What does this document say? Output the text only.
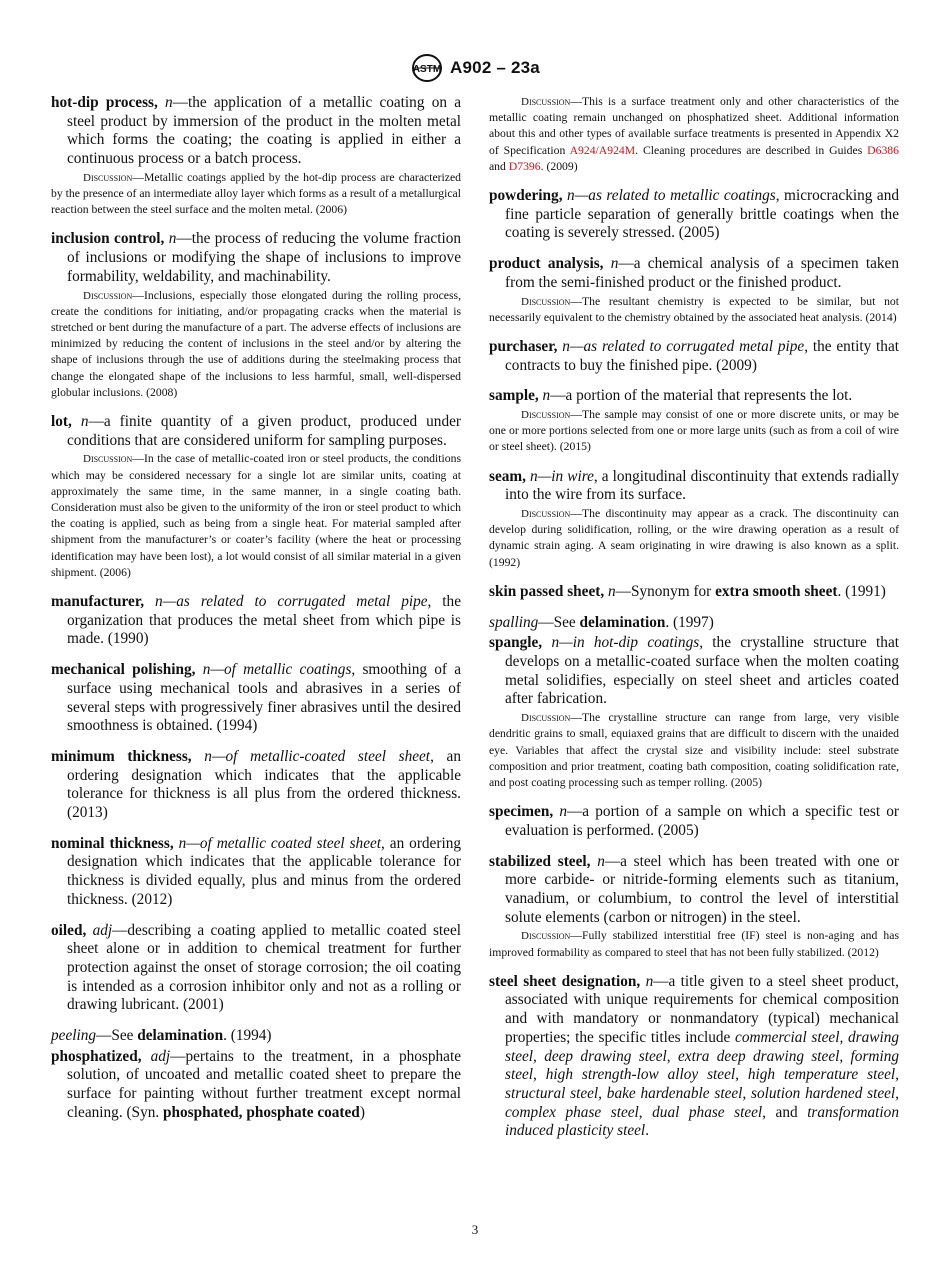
ASTM A902 – 23a

hot-dip process, n—the application of a metallic coating on a steel product by immersion of the product in the molten metal which forms the coating; the coating is applied in either a continuous process or a batch process.

Discussion—Metallic coatings applied by the hot-dip process are characterized by the presence of an intermediate alloy layer which forms as a result of a metallurgical reaction between the steel surface and the molten metal. (2006)

inclusion control, n—the process of reducing the volume fraction of inclusions or modifying the shape of inclusions to improve formability, weldability, and machinability.

Discussion—Inclusions, especially those elongated during the rolling process, create the conditions for initiating, and/or propagating cracks when the material is stretched or bent during the manufacture of a part. The adverse effects of inclusions are minimized by reducing the content of inclusions in the steel and/or by altering the shape of inclusions through the use of additions during the steelmaking process that change the elongated shape of the inclusions to less harmful, small, well-dispersed globular inclusions. (2008)

lot, n—a finite quantity of a given product, produced under conditions that are considered uniform for sampling purposes.

Discussion—In the case of metallic-coated iron or steel products, the conditions which may be considered necessary for a single lot are similar units, coating at approximately the same time, in the same manner, in a single coating bath. Consideration must also be given to the uniformity of the iron or steel product to which the coating is applied, such as being from a single heat. For material sampled after shipment from the manufacturer’s or coater’s facility (where the heat or processing identification may have been lost), a lot would consist of all similar material in a given shipment. (2006)

manufacturer, n—as related to corrugated metal pipe, the organization that produces the metal sheet from which pipe is made. (1990)

mechanical polishing, n—of metallic coatings, smoothing of a surface using mechanical tools and abrasives in a series of several steps with progressively finer abrasives until the desired smoothness is obtained. (1994)

minimum thickness, n—of metallic-coated steel sheet, an ordering designation which indicates that the applicable tolerance for thickness is all plus from the ordered thickness. (2013)

nominal thickness, n—of metallic coated steel sheet, an ordering designation which indicates that the applicable tolerance for thickness is divided equally, plus and minus from the ordered thickness. (2012)

oiled, adj—describing a coating applied to metallic coated steel sheet alone or in addition to chemical treatment for further protection against the onset of storage corrosion; the oil coating is intended as a corrosion inhibitor only and not as a rolling or drawing lubricant. (2001)

peeling—See delamination. (1994)

phosphatized, adj—pertains to the treatment, in a phosphate solution, of uncoated and metallic coated sheet to prepare the surface for painting without further treatment except normal cleaning. (Syn. phosphated, phosphate coated)

Discussion—This is a surface treatment only and other characteristics of the metallic coating remain unchanged on phosphatized sheet. Additional information about this and other types of available surface treatments is presented in Appendix X2 of Specification A924/A924M. Cleaning procedures are described in Guides D6386 and D7396. (2009)

powdering, n—as related to metallic coatings, microcracking and fine particle separation of generally brittle coatings when the coating is severely stressed. (2005)

product analysis, n—a chemical analysis of a specimen taken from the semi-finished product or the finished product.

Discussion—The resultant chemistry is expected to be similar, but not necessarily equivalent to the chemistry obtained by the associated heat analysis. (2014)

purchaser, n—as related to corrugated metal pipe, the entity that contracts to buy the finished pipe. (2009)

sample, n—a portion of the material that represents the lot.

Discussion—The sample may consist of one or more discrete units, or may be one or more portions selected from one or more large units (such as from a coil of wire or steel sheet). (2015)

seam, n—in wire, a longitudinal discontinuity that extends radially into the wire from its surface.

Discussion—The discontinuity may appear as a crack. The discontinuity can develop during solidification, rolling, or the wire drawing operation as a result of dynamic strain aging. A seam originating in wire drawing is also known as a split. (1992)

skin passed sheet, n—Synonym for extra smooth sheet. (1991)

spalling—See delamination. (1997)

spangle, n—in hot-dip coatings, the crystalline structure that develops on a metallic-coated surface when the molten coating metal solidifies, especially on steel sheet and articles coated after fabrication.

Discussion—The crystalline structure can range from large, very visible dendritic grains to small, equiaxed grains that are difficult to discern with the unaided eye. Variables that affect the crystal size and visibility include: steel substrate composition and prior treatment, coating bath composition, coating solidification rate, and post coating processing such as temper rolling. (2005)

specimen, n—a portion of a sample on which a specific test or evaluation is performed. (2005)

stabilized steel, n—a steel which has been treated with one or more carbide- or nitride-forming elements such as titanium, vanadium, or columbium, to control the level of interstitial solute elements (carbon or nitrogen) in the steel.

Discussion—Fully stabilized interstitial free (IF) steel is non-aging and has improved formability as compared to steel that has not been fully stabilized. (2012)

steel sheet designation, n—a title given to a steel sheet product, associated with unique requirements for chemical composition and with mandatory or nonmandatory (typical) mechanical properties; the specific titles include commercial steel, drawing steel, deep drawing steel, extra deep drawing steel, forming steel, high strength-low alloy steel, high temperature steel, structural steel, bake hardenable steel, solution hardened steel, complex phase steel, dual phase steel, and transformation induced plasticity steel.

3
